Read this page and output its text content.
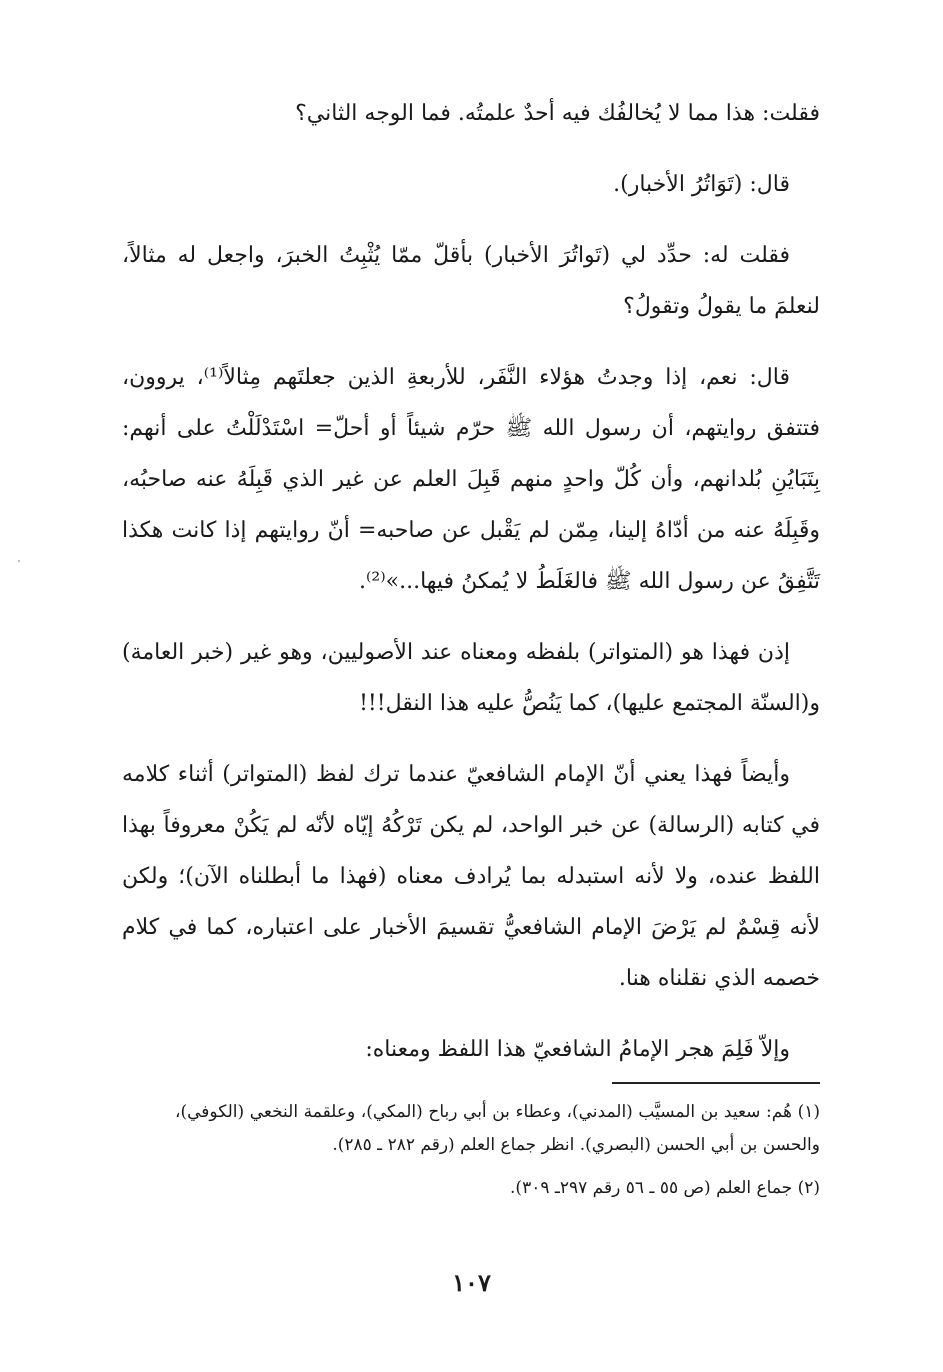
فقلت: هذا مما لا يُخالفُك فيه أحدٌ علمتُه. فما الوجه الثاني؟

قال: (تَوَاتُرُ الأخبار).

فقلت له: حدِّد لي (تَواتُرَ الأخبار) بأقلّ ممّا يُثْبِتُ الخبرَ، واجعل له مثالاً، لنعلمَ ما يقولُ وتقولُ؟

قال: نعم، إذا وجدتُ هؤلاء النَّفَر، للأربعةِ الذين جعلتَهم مِثالاً⁽¹⁾، يروون، فتتفق روايتهم، أن رسول الله ﷺ حرّم شيئاً أو أحلّ= اسْتَدْلَلْتُ على أنهم: بِتَبَايُنِ بُلدانهم، وأن كُلّ واحدٍ منهم قَبِلَ العلم عن غير الذي قَبِلَهُ عنه صاحبُه، وقَبِلَهُ عنه من أدّاهُ إلينا، مِمّن لم يَقْبل عن صاحبه= أنّ روايتهم إذا كانت هكذا تَتَّفِقُ عن رسول الله ﷺ فالغَلَطُ لا يُمكنُ فيها...»⁽²⁾.

إذن فهذا هو (المتواتر) بلفظه ومعناه عند الأصوليين، وهو غير (خبر العامة) و(السنّة المجتمع عليها)، كما يَنُصُّ عليه هذا النقل!!!

وأيضاً فهذا يعني أنّ الإمام الشافعيّ عندما ترك لفظ (المتواتر) أثناء كلامه في كتابه (الرسالة) عن خبر الواحد، لم يكن تَرْكُهُ إيّاه لأنّه لم يَكُنْ معروفاً بهذا اللفظ عنده، ولا لأنه استبدله بما يُرادف معناه (فهذا ما أبطلناه الآن)؛ ولكن لأنه قِسْمٌ لم يَرْضَ الإمام الشافعيُّ تقسيمَ الأخبار على اعتباره، كما في كلام خصمه الذي نقلناه هنا.

وإلاّ فَلِمَ هجر الإمامُ الشافعيّ هذا اللفظ ومعناه:

(١) هُم: سعيد بن المسيَّب (المدني)، وعطاء بن أبي رباح (المكي)، وعلقمة النخعي (الكوفي)، والحسن بن أبي الحسن (البصري). انظر جماع العلم (رقم ٢٨٢ ـ ٢٨٥).

(٢) جماع العلم (ص ٥٥ ـ ٥٦ رقم ٢٩٧ـ ٣٠٩).

١٠٧
